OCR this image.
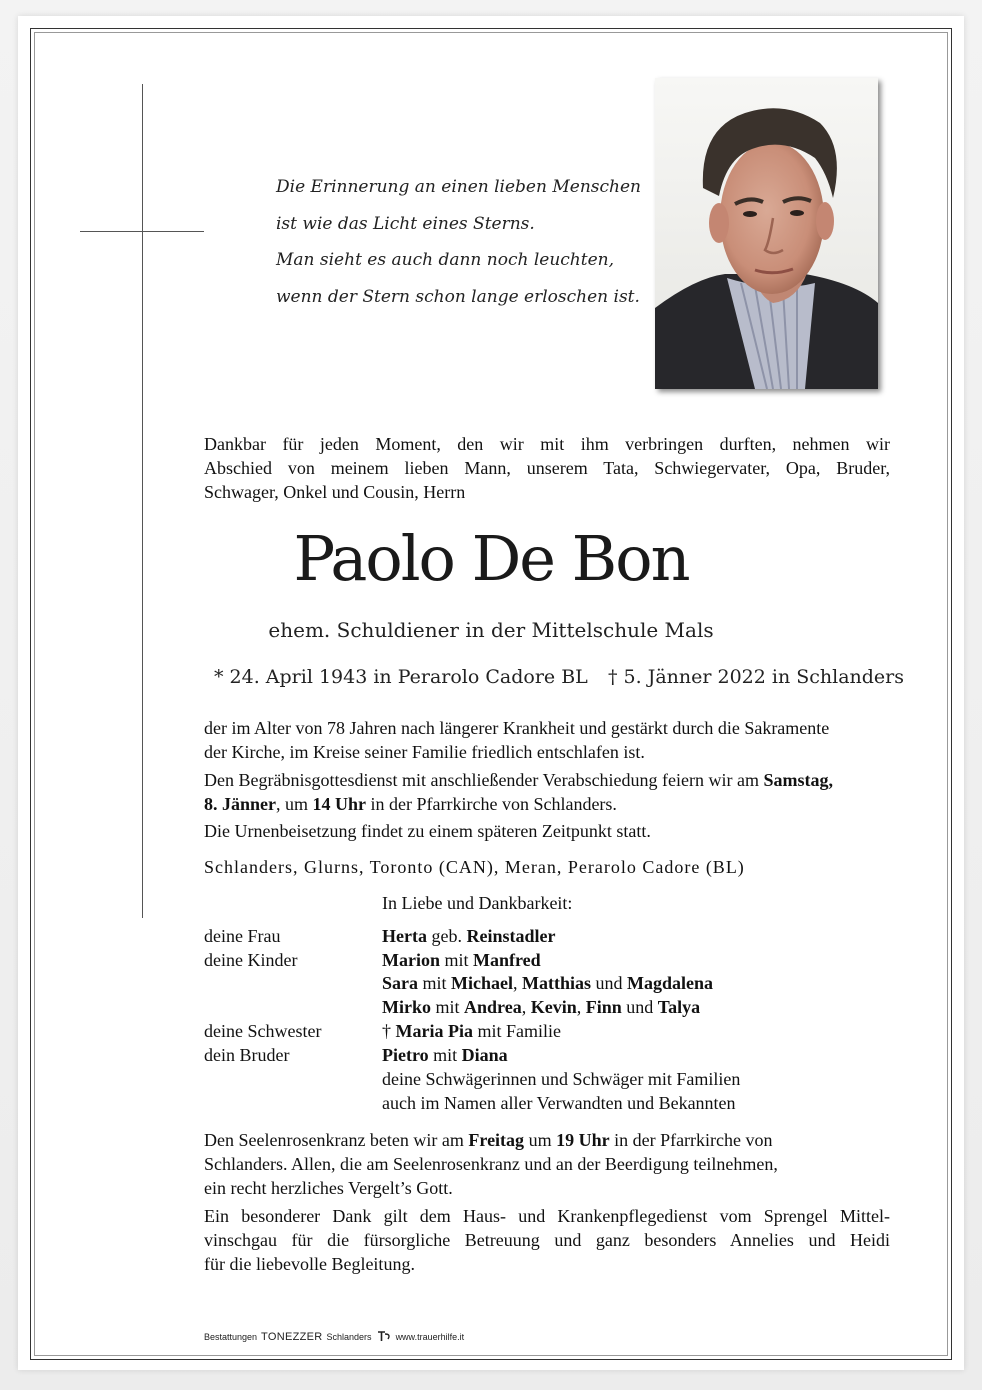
Die Erinnerung an einen lieben Menschen
ist wie das Licht eines Sterns.
Man sieht es auch dann noch leuchten,
wenn der Stern schon lange erloschen ist.
Dankbar für jeden Moment, den wir mit ihm verbringen durften, nehmen wir
Abschied von meinem lieben Mann, unserem Tata, Schwiegervater, Opa, Bruder,
Schwager, Onkel und Cousin, Herrn
Paolo De Bon
ehem. Schuldiener in der Mittelschule Mals
* 24. April 1943 in Perarolo Cadore BL † 5. Jänner 2022 in Schlanders
der im Alter von 78 Jahren nach längerer Krankheit und gestärkt durch die Sakramente
der Kirche, im Kreise seiner Familie friedlich entschlafen ist.
Den Begräbnisgottesdienst mit anschließender Verabschiedung feiern wir am Samstag,
8. Jänner, um 14 Uhr in der Pfarrkirche von Schlanders.
Die Urnenbeisetzung findet zu einem späteren Zeitpunkt statt.
Schlanders, Glurns, Toronto (CAN), Meran, Perarolo Cadore (BL)
In Liebe und Dankbarkeit:
deine Frau	Herta geb. Reinstadler
deine Kinder	Marion mit Manfred
Sara mit Michael, Matthias und Magdalena
Mirko mit Andrea, Kevin, Finn und Talya
deine Schwester	† Maria Pia mit Familie
dein Bruder	Pietro mit Diana
deine Schwägerinnen und Schwäger mit Familien
auch im Namen aller Verwandten und Bekannten
Den Seelenrosenkranz beten wir am Freitag um 19 Uhr in der Pfarrkirche von
Schlanders. Allen, die am Seelenrosenkranz und an der Beerdigung teilnehmen,
ein recht herzliches Vergelt’s Gott.
Ein besonderer Dank gilt dem Haus- und Krankenpflegedienst vom Sprengel Mittel-
vinschgau für die fürsorgliche Betreuung und ganz besonders Annelies und Heidi
für die liebevolle Begleitung.
Bestattungen TONEZZER Schlanders	www.trauerhilfe.it
